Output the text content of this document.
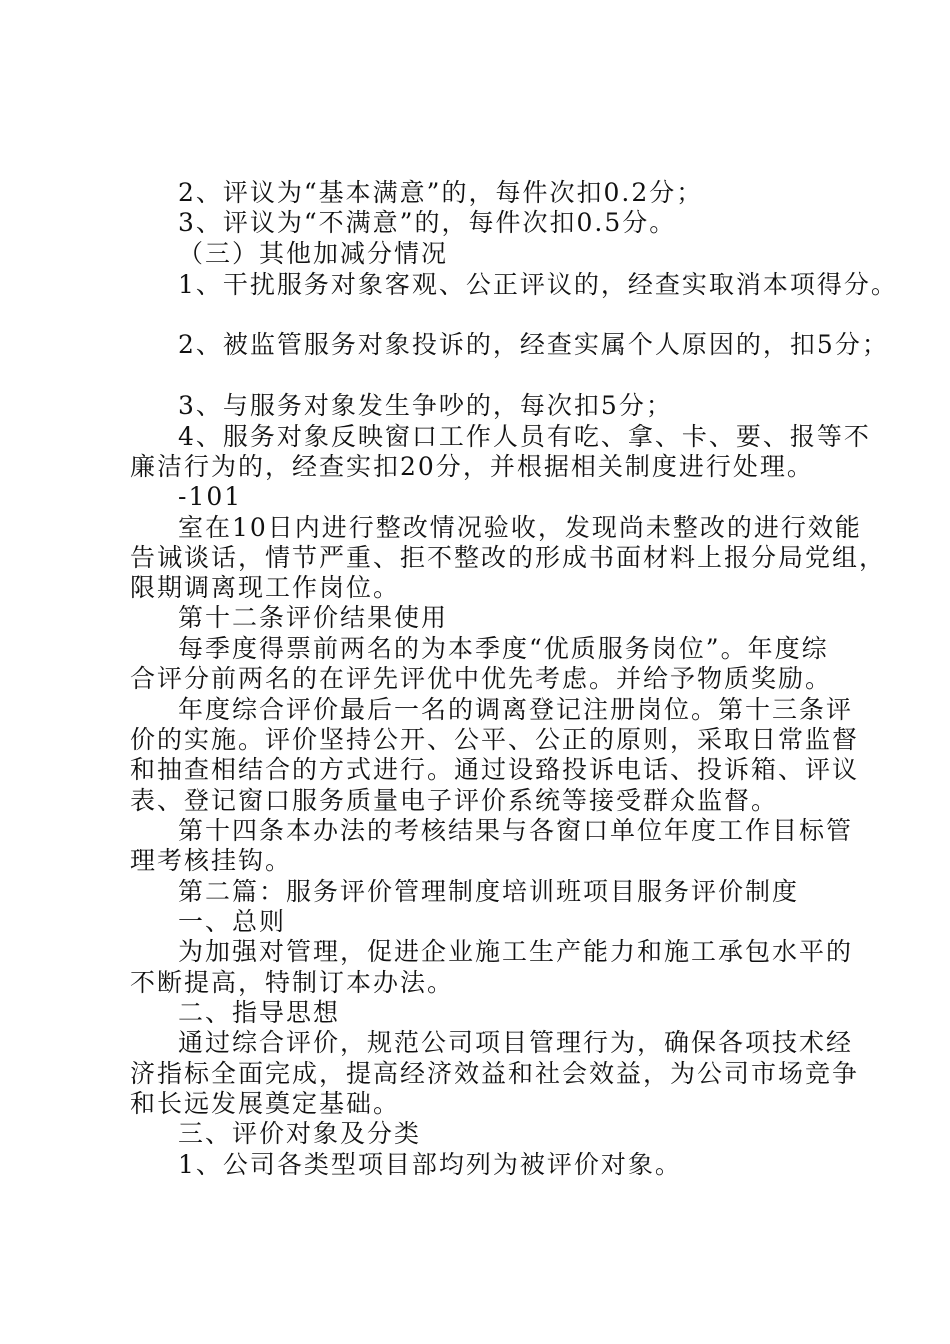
2、评议为“基本满意”的，每件次扣0.2分；
3、评议为“不满意”的，每件次扣0.5分。
（三）其他加减分情况
1、干扰服务对象客观、公正评议的，经查实取消本项得分。
2、被监管服务对象投诉的，经查实属个人原因的，扣5分；
3、与服务对象发生争吵的，每次扣5分；
4、服务对象反映窗口工作人员有吃、拿、卡、要、报等不
廉洁行为的，经查实扣20分，并根据相关制度进行处理。
-101
室在10日内进行整改情况验收，发现尚未整改的进行效能
告诫谈话，情节严重、拒不整改的形成书面材料上报分局党组，
限期调离现工作岗位。
第十二条评价结果使用
每季度得票前两名的为本季度“优质服务岗位”。年度综
合评分前两名的在评先评优中优先考虑。并给予物质奖励。
年度综合评价最后一名的调离登记注册岗位。第十三条评
价的实施。评价坚持公开、公平、公正的原则，采取日常监督
和抽查相结合的方式进行。通过设臵投诉电话、投诉箱、评议
表、登记窗口服务质量电子评价系统等接受群众监督。
第十四条本办法的考核结果与各窗口单位年度工作目标管
理考核挂钩。
第二篇：服务评价管理制度培训班项目服务评价制度
一、总则
为加强对管理，促进企业施工生产能力和施工承包水平的
不断提高，特制订本办法。
二、指导思想
通过综合评价，规范公司项目管理行为，确保各项技术经
济指标全面完成，提高经济效益和社会效益，为公司市场竞争
和长远发展奠定基础。
三、评价对象及分类
1、公司各类型项目部均列为被评价对象。
